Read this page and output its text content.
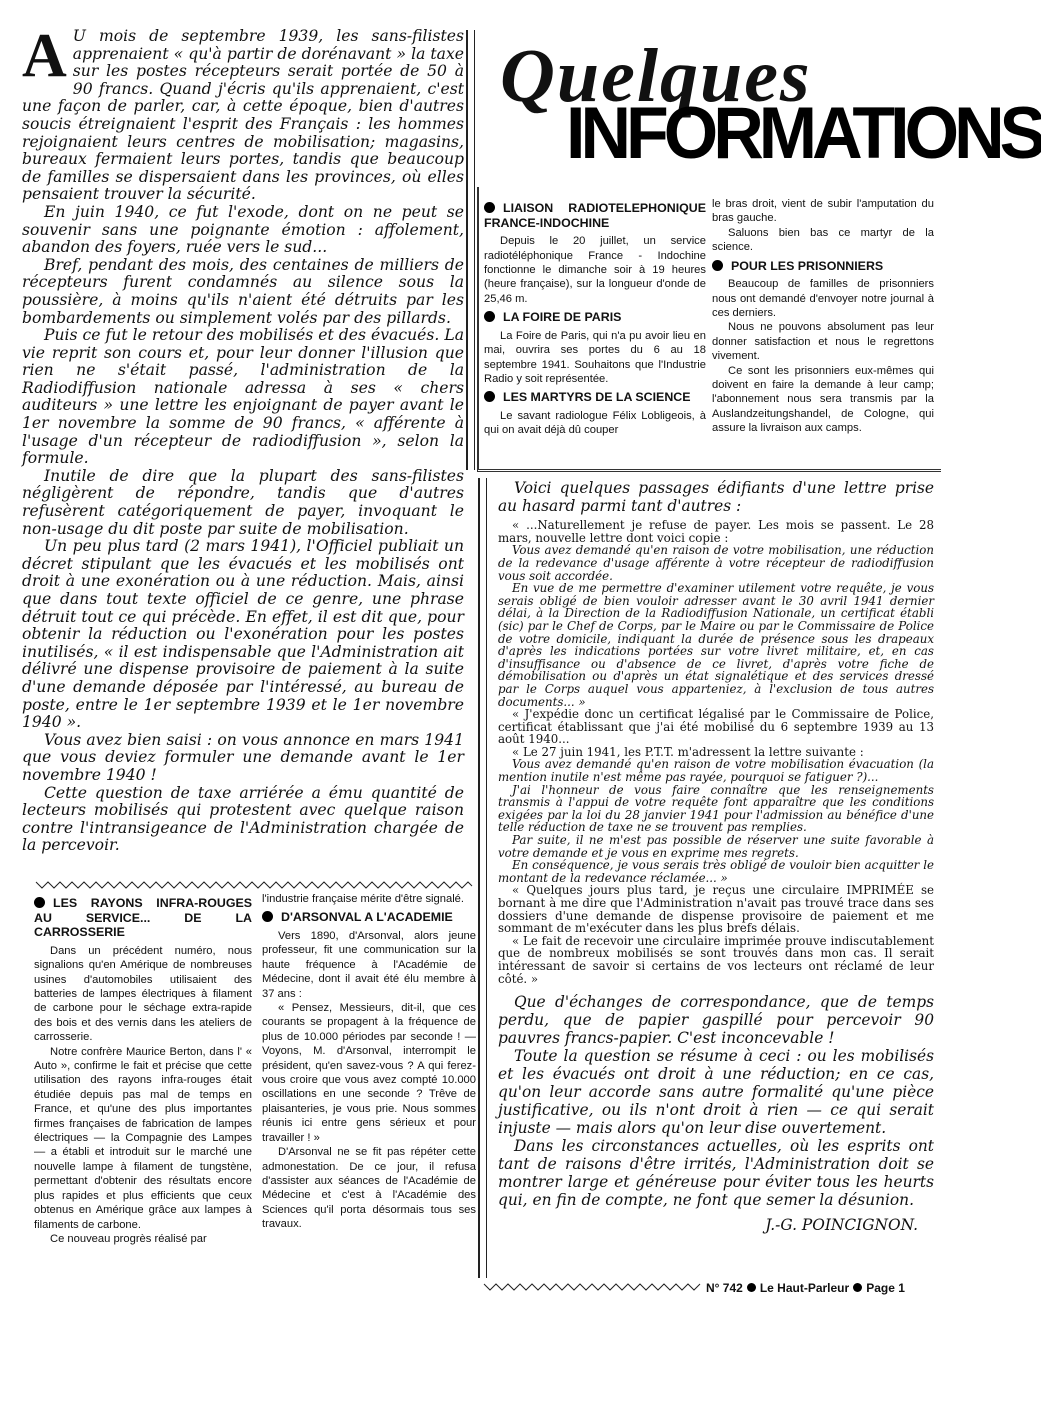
A U mois de septembre 1939, les sans-filistes apprenaient « qu'à partir de dorénavant » la taxe sur les postes récepteurs serait portée de 50 à 90 francs. Quand j'écris qu'ils apprenaient, c'est une façon de parler, car, à cette époque, bien d'autres soucis étreignaient l'esprit des Français : les hommes rejoignaient leurs centres de mobilisation; magasins, bureaux fermaient leurs portes, tandis que beaucoup de familles se dispersaient dans les provinces, où elles pensaient trouver la sécurité.

En juin 1940, ce fut l'exode, dont on ne peut se souvenir sans une poignante émotion : affolement, abandon des foyers, ruée vers le sud...

Bref, pendant des mois, des centaines de milliers de récepteurs furent condamnés au silence sous la poussière, à moins qu'ils n'aient été détruits par les bombardements ou simplement volés par des pillards.

Puis ce fut le retour des mobilisés et des évacués. La vie reprit son cours et, pour leur donner l'illusion que rien ne s'était passé, l'administration de la Radiodiffusion nationale adressa à ses « chers auditeurs » une lettre les enjoignant de payer avant le 1er novembre la somme de 90 francs, « afférente à l'usage d'un récepteur de radiodiffusion », selon la formule.

Inutile de dire que la plupart des sans-filistes négligèrent de répondre, tandis que d'autres refusèrent catégoriquement de payer, invoquant le non-usage du dit poste par suite de mobilisation.

Un peu plus tard (2 mars 1941), l'Officiel publiait un décret stipulant que les évacués et les mobilisés ont droit à une exonération ou à une réduction. Mais, ainsi que dans tout texte officiel de ce genre, une phrase détruit tout ce qui précède. En effet, il est dit que, pour obtenir la réduction ou l'exonération pour les postes inutilisés, « il est indispensable que l'Administration ait délivré une dispense provisoire de paiement à la suite d'une demande déposée par l'intéressé, au bureau de poste, entre le 1er septembre 1939 et le 1er novembre 1940 ».

Vous avez bien saisi : on vous annonce en mars 1941 que vous deviez formuler une demande avant le 1er novembre 1940 !

Cette question de taxe arriérée a ému quantité de lecteurs mobilisés qui protestent avec quelque raison contre l'intransigeance de l'Administration chargée de la percevoir.

Quelques
INFORMATIONS
LIAISON RADIOTELEPHONIQUE FRANCE-INDOCHINE

Depuis le 20 juillet, un service radiotéléphonique France - Indochine fonctionne le dimanche soir à 19 heures (heure française), sur la longueur d'onde de 25,46 m.

LA FOIRE DE PARIS

La Foire de Paris, qui n'a pu avoir lieu en mai, ouvrira ses portes du 6 au 18 septembre 1941. Souhaitons que l'Industrie Radio y soit représentée.

LES MARTYRS DE LA SCIENCE

Le savant radiologue Félix Lobligeois, à qui on avait déjà dû couper

le bras droit, vient de subir l'amputation du bras gauche.

Saluons bien bas ce martyr de la science.

POUR LES PRISONNIERS

Beaucoup de familles de prisonniers nous ont demandé d'envoyer notre journal à ces derniers.

Nous ne pouvons absolument pas leur donner satisfaction et nous le regrettons vivement.

Ce sont les prisonniers eux-mêmes qui doivent en faire la demande à leur camp; l'abonnement nous sera transmis par la Auslandzeitungshandel, de Cologne, qui assure la livraison aux camps.

Voici quelques passages édifiants d'une lettre prise au hasard parmi tant d'autres :

« ...Naturellement je refuse de payer. Les mois se passent. Le 28 mars, nouvelle lettre dont voici copie :

Vous avez demandé qu'en raison de votre mobilisation, une réduction de la redevance d'usage afférente à votre récepteur de radiodiffusion vous soit accordée.

En vue de me permettre d'examiner utilement votre requête, je vous serais obligé de bien vouloir adresser avant le 30 avril 1941 dernier délai, à la Direction de la Radiodiffusion Nationale, un certificat établi (sic) par le Chef de Corps, par le Maire ou par le Commissaire de Police de votre domicile, indiquant la durée de présence sous les drapeaux d'après les indications portées sur votre livret militaire, et, en cas d'insuffisance ou d'absence de ce livret, d'après votre fiche de démobilisation ou d'après un état signalétique et des services dressé par le Corps auquel vous apparteniez, à l'exclusion de tous autres documents... »

« J'expédie donc un certificat légalisé par le Commissaire de Police, certificat établissant que j'ai été mobilisé du 6 septembre 1939 au 13 août 1940...

« Le 27 juin 1941, les P.T.T. m'adressent la lettre suivante :

Vous avez demandé qu'en raison de votre mobilisation évacuation (la mention inutile n'est même pas rayée, pourquoi se fatiguer ?)...

J'ai l'honneur de vous faire connaître que les renseignements transmis à l'appui de votre requête font apparaître que les conditions exigées par la loi du 28 janvier 1941 pour l'admission au bénéfice d'une telle réduction de taxe ne se trouvent pas remplies.

Par suite, il ne m'est pas possible de réserver une suite favorable à votre demande et je vous en exprime mes regrets.

En conséquence, je vous serais très obligé de vouloir bien acquitter le montant de la redevance réclamée... »

« Quelques jours plus tard, je reçus une circulaire IMPRIMÉE se bornant à me dire que l'Administration n'avait pas trouvé trace dans ses dossiers d'une demande de dispense provisoire de paiement et me sommant de m'exécuter dans les plus brefs délais.

« Le fait de recevoir une circulaire imprimée prouve indiscutablement que de nombreux mobilisés se sont trouvés dans mon cas. Il serait intéressant de savoir si certains de vos lecteurs ont réclamé de leur côté. »

Que d'échanges de correspondance, que de temps perdu, que de papier gaspillé pour percevoir 90 pauvres francs-papier. C'est inconcevable !

Toute la question se résume à ceci : ou les mobilisés et les évacués ont droit à une réduction; en ce cas, qu'on leur accorde sans autre formalité qu'une pièce justificative, ou ils n'ont droit à rien — ce qui serait injuste — mais alors qu'on leur dise ouvertement.

Dans les circonstances actuelles, où les esprits ont tant de raisons d'être irrités, l'Administration doit se montrer large et généreuse pour éviter tous les heurts qui, en fin de compte, ne font que semer la désunion.

J.-G. POINCIGNON.

LES RAYONS INFRA-ROUGES AU SERVICE... DE LA CARROSSERIE

Dans un précédent numéro, nous signalions qu'en Amérique de nombreuses usines d'automobiles utilisaient des batteries de lampes électriques à filament de carbone pour le séchage extra-rapide des bois et des vernis dans les ateliers de carrosserie.

Notre confrère Maurice Berton, dans l' « Auto », confirme le fait et précise que cette utilisation des rayons infra-rouges était étudiée depuis pas mal de temps en France, et qu'une des plus importantes firmes françaises de fabrication de lampes électriques — la Compagnie des Lampes — a établi et introduit sur le marché une nouvelle lampe à filament de tungstène, permettant d'obtenir des résultats encore plus rapides et plus efficients que ceux obtenus en Amérique grâce aux lampes à filaments de carbone.

Ce nouveau progrès réalisé par

l'industrie française mérite d'être signalé.

D'ARSONVAL A L'ACADEMIE

Vers 1890, d'Arsonval, alors jeune professeur, fit une communication sur la haute fréquence à l'Académie de Médecine, dont il avait été élu membre à 37 ans :

« Pensez, Messieurs, dit-il, que ces courants se propagent à la fréquence de plus de 10.000 périodes par seconde ! — Voyons, M. d'Arsonval, interrompit le président, qu'en savez-vous ? A qui ferez-vous croire que vous avez compté 10.000 oscillations en une seconde ? Trêve de plaisanteries, je vous prie. Nous sommes réunis ici entre gens sérieux et pour travailler ! »

D'Arsonval ne se fit pas répéter cette admonestation. De ce jour, il refusa d'assister aux séances de l'Académie de Médecine et c'est à l'Académie des Sciences qu'il porta désormais tous ses travaux.

N° 742 Le Haut-Parleur Page 1
